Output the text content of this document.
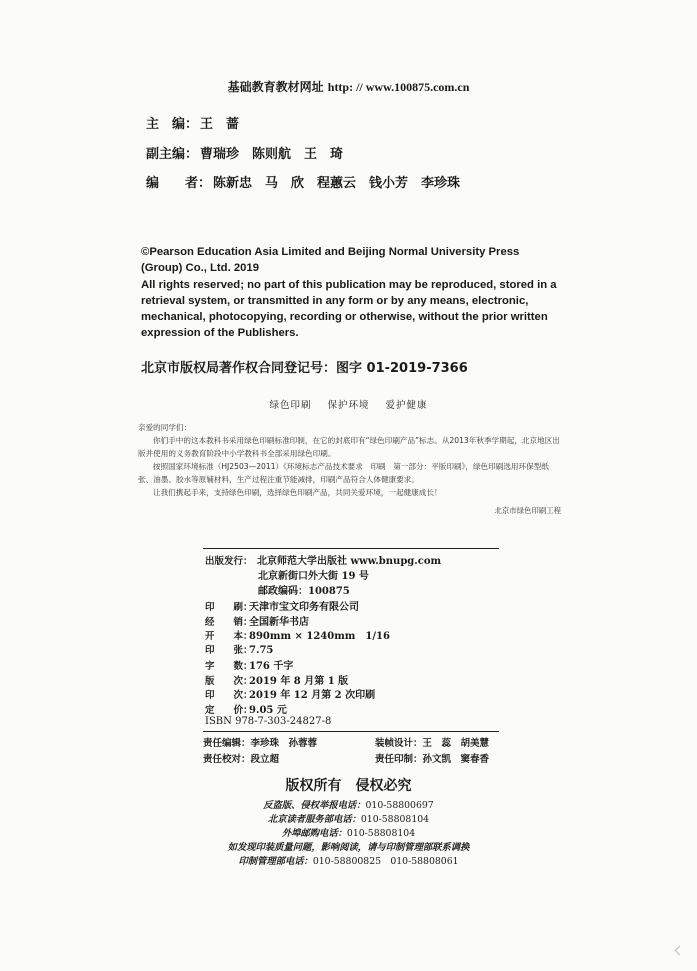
基础教育教材网址 http: // www.100875.com.cn
主　编： 王　蔷
副主编： 曹瑞珍　陈则航　王　琦
编　　者： 陈新忠　马　欣　程蕙云　钱小芳　李珍珠
©Pearson Education Asia Limited and Beijing Normal University Press (Group) Co., Ltd. 2019
All rights reserved; no part of this publication may be reproduced, stored in a retrieval system, or transmitted in any form or by any means, electronic, mechanical, photocopying, recording or otherwise, without the prior written expression of the Publishers.
北京市版权局著作权合同登记号：图字 01-2019-7366
绿色印刷 保护环境 爱护健康

亲爱的同学们：

你们手中的这本教科书采用绿色印刷标准印制，在它的封底印有“绿色印刷产品”标志。从2013年秋季学期起，北京地区出版并使用的义务教育阶段中小学教科书全部采用绿色印刷。

按照国家环境标准（HJ2503—2011）《环境标志产品技术要求　印刷　第一部分：平版印刷》，绿色印刷选用环保型纸张、油墨、胶水等原辅材料，生产过程注重节能减排，印刷产品符合人体健康要求。

让我们携起手来，支持绿色印刷，选择绿色印刷产品，共同关爱环境，一起健康成长！

北京市绿色印刷工程
出版发行： 北京师范大学出版社 www.bnupg.com
北京新街口外大街 19 号
邮政编码：100875
印　　刷：天津市宝文印务有限公司
经　　销：全国新华书店
开　　本：890mm × 1240mm　1/16
印　　张：7.75
字　　数：176 千字
版　　次：2019 年 8 月第 1 版
印　　次：2019 年 12 月第 2 次印刷
定　　价：9.05 元
ISBN 978-7-303-24827-8
责任编辑：李珍珠　孙蓉蓉	装帧设计：王　蕊　胡美慧
责任校对：段立超	责任印制：孙文凯　窦春香
版权所有　侵权必究
反盗版、侵权举报电话：010-58800697
北京读者服务部电话：010-58808104
外埠邮购电话：010-58808104
如发现印装质量问题，影响阅读，请与印制管理部联系调换
印制管理部电话：010-58800825　010-58808061
